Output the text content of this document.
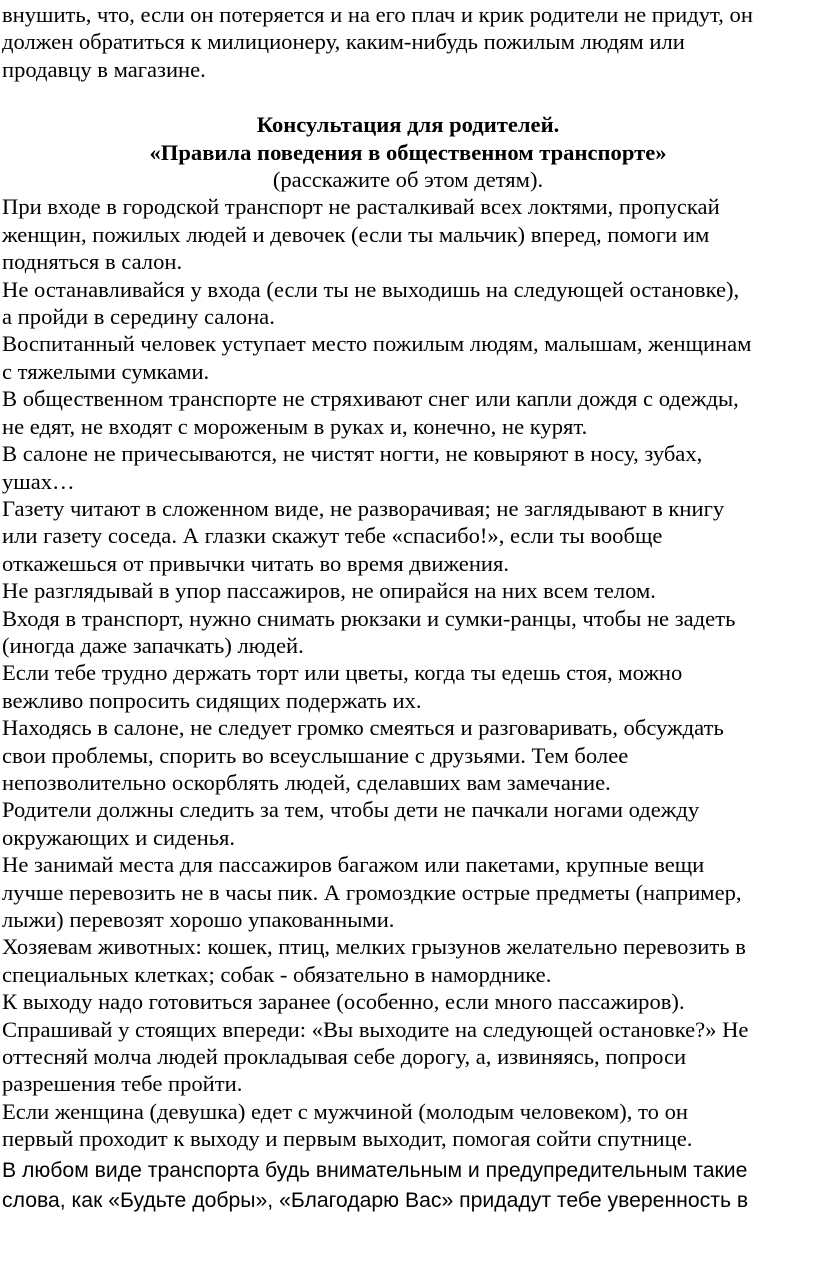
внушить, что, если он потеряется и на его плач и крик родители не придут, он
должен обратиться к милиционеру, каким-нибудь пожилым людям или
продавцу в магазине.

Консультация для родителей.

«Правила поведения в общественном транспорте»

(расскажите об этом детям).

При входе в городской транспорт не расталкивай всех локтями, пропускай
женщин, пожилых людей и девочек (если ты мальчик) вперед, помоги им
подняться в салон.

Не останавливайся у входа (если ты не выходишь на следующей остановке),
а пройди в середину салона.

Воспитанный человек уступает место пожилым людям, малышам, женщинам
с тяжелыми сумками.

В общественном транспорте не стряхивают снег или капли дождя с одежды,
не едят, не входят с мороженым в руках и, конечно, не курят.

В салоне не причесываются, не чистят ногти, не ковыряют в носу, зубах,
ушах…

Газету читают в сложенном виде, не разворачивая; не заглядывают в книгу
или газету соседа. А глазки скажут тебе «спасибо!», если ты вообще
откажешься от привычки читать во время движения.

Не разглядывай в упор пассажиров, не опирайся на них всем телом.

Входя в транспорт, нужно снимать рюкзаки и сумки-ранцы, чтобы не задеть
(иногда даже запачкать) людей.

Если тебе трудно держать торт или цветы, когда ты едешь стоя, можно
вежливо попросить сидящих подержать их.

Находясь в салоне, не следует громко смеяться и разговаривать, обсуждать
свои проблемы, спорить во всеуслышание с друзьями. Тем более
непозволительно оскорблять людей, сделавших вам замечание.

Родители должны следить за тем, чтобы дети не пачкали ногами одежду
окружающих и сиденья.

Не занимай места для пассажиров багажом или пакетами, крупные вещи
лучше перевозить не в часы пик. А громоздкие острые предметы (например,
лыжи) перевозят хорошо упакованными.

Хозяевам животных: кошек, птиц, мелких грызунов желательно перевозить в
специальных клетках; собак - обязательно в наморднике.

К выходу надо готовиться заранее (особенно, если много пассажиров).

Спрашивай у стоящих впереди: «Вы выходите на следующей остановке?» Не
оттесняй молча людей прокладывая себе дорогу, а, извиняясь, попроси
разрешения тебе пройти.

Если женщина (девушка) едет с мужчиной (молодым человеком), то он
первый проходит к выходу и первым выходит, помогая сойти спутнице.

В любом виде транспорта будь внимательным и предупредительным такие
слова, как «Будьте добры», «Благодарю Вас» придадут тебе уверенность в
